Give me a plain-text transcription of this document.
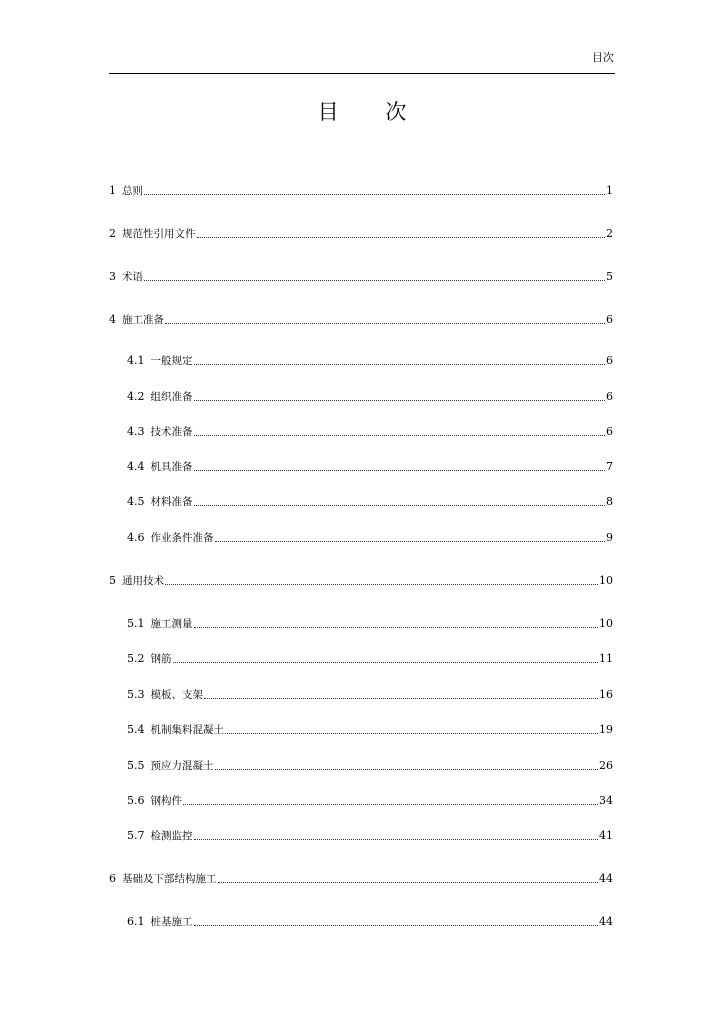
目次
目 次
1 总则	1
2 规范性引用文件	2
3 术语	5
4 施工准备	6
4.1 一般规定	6
4.2 组织准备	6
4.3 技术准备	6
4.4 机具准备	7
4.5 材料准备	8
4.6 作业条件准备	9
5 通用技术	10
5.1 施工测量	10
5.2 钢筋	11
5.3 模板、支架	16
5.4 机制集料混凝土	19
5.5 预应力混凝土	26
5.6 钢构件	34
5.7 检测监控	41
6 基础及下部结构施工	44
6.1 桩基施工	44
